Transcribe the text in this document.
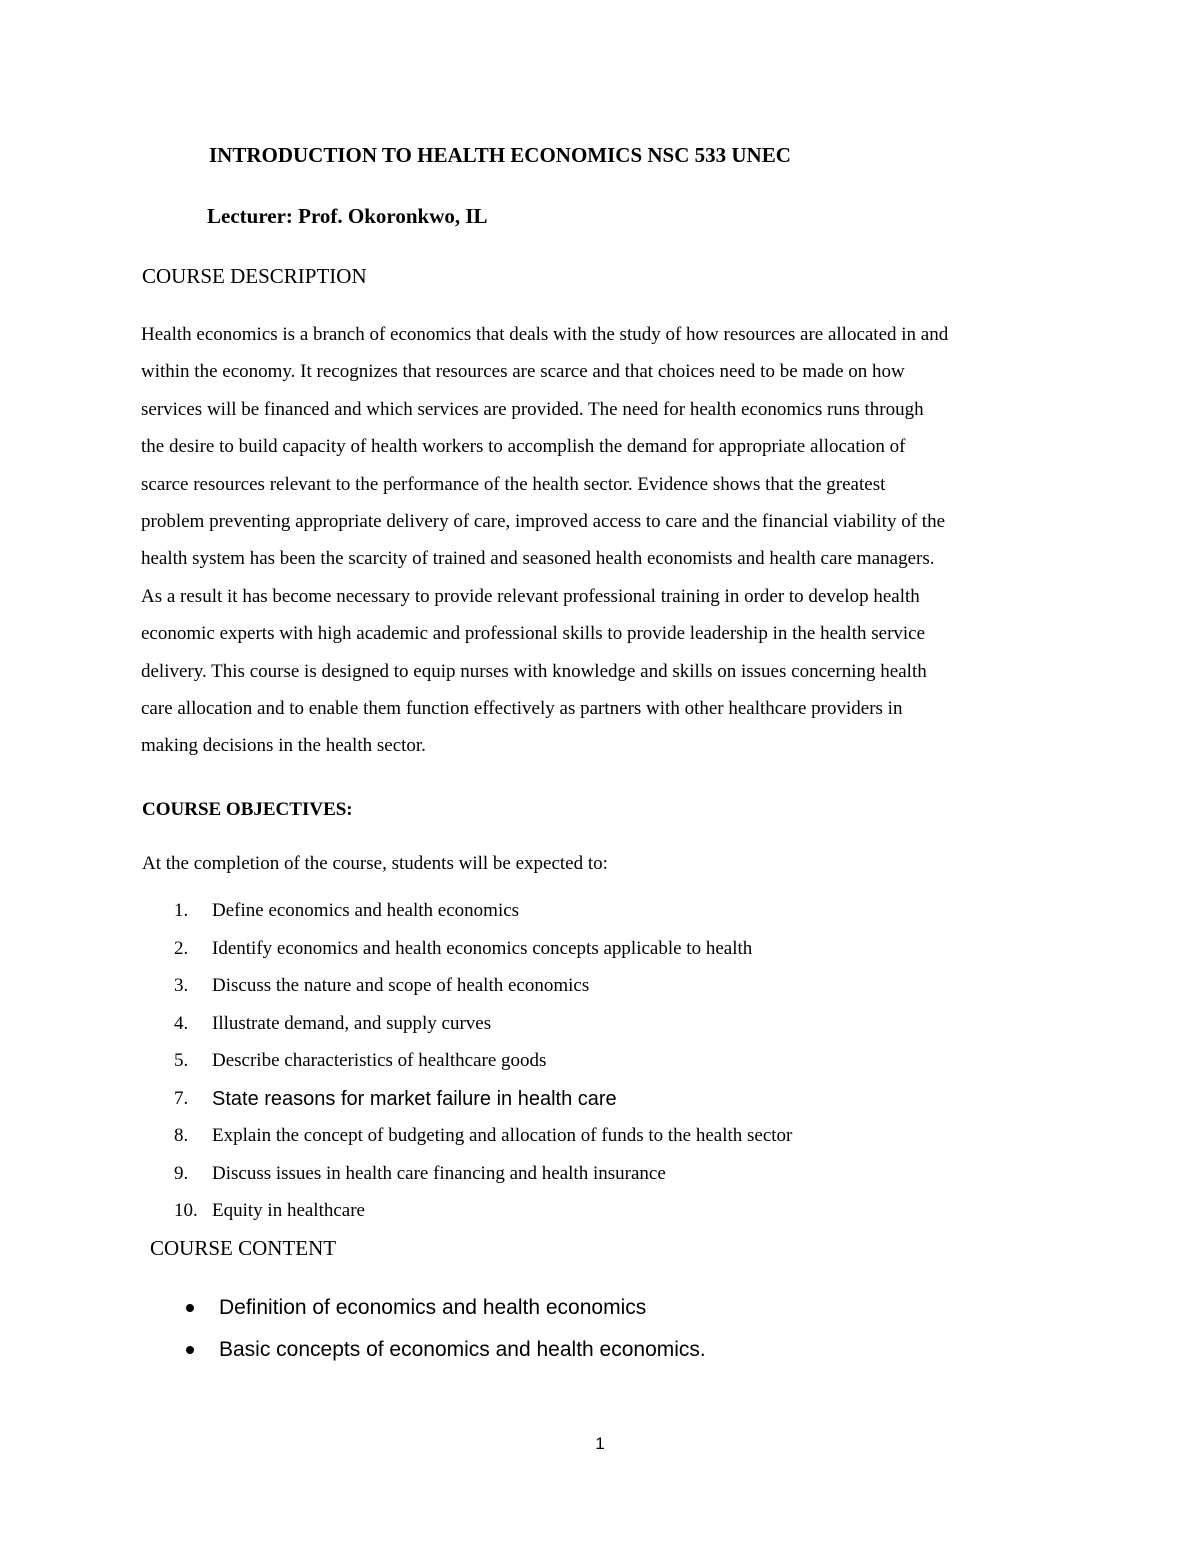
INTRODUCTION TO HEALTH ECONOMICS NSC 533 UNEC
Lecturer: Prof. Okoronkwo, IL
COURSE DESCRIPTION
Health economics is a branch of economics that deals with the study of how resources are allocated in and
within the economy. It recognizes that resources are scarce and that choices need to be made on how
services will be financed and which services are provided. The need for health economics runs through
the desire to build capacity of health workers to accomplish the demand for appropriate allocation of
scarce resources relevant to the performance of the health sector. Evidence shows that the greatest
problem preventing appropriate delivery of care, improved access to care and the financial viability of the
health system has been the scarcity of trained and seasoned health economists and health care managers.
As a result it has become necessary to provide relevant professional training in order to develop health
economic experts with high academic and professional skills to provide leadership in the health service
delivery. This course is designed to equip nurses with knowledge and skills on issues concerning health
care allocation and to enable them function effectively as partners with other healthcare providers in
making decisions in the health sector.
COURSE OBJECTIVES:
At the completion of the course, students will be expected to:
1. Define economics and health economics
2. Identify economics and health economics concepts applicable to health
3. Discuss the nature and scope of health economics
4. Illustrate demand, and supply curves
5. Describe characteristics of healthcare goods
7. State reasons for market failure in health care
8. Explain the concept of budgeting and allocation of funds to the health sector
9. Discuss issues in health care financing and health insurance
10. Equity in healthcare
COURSE CONTENT
Definition of economics and health economics
Basic concepts of economics and health economics.
1
